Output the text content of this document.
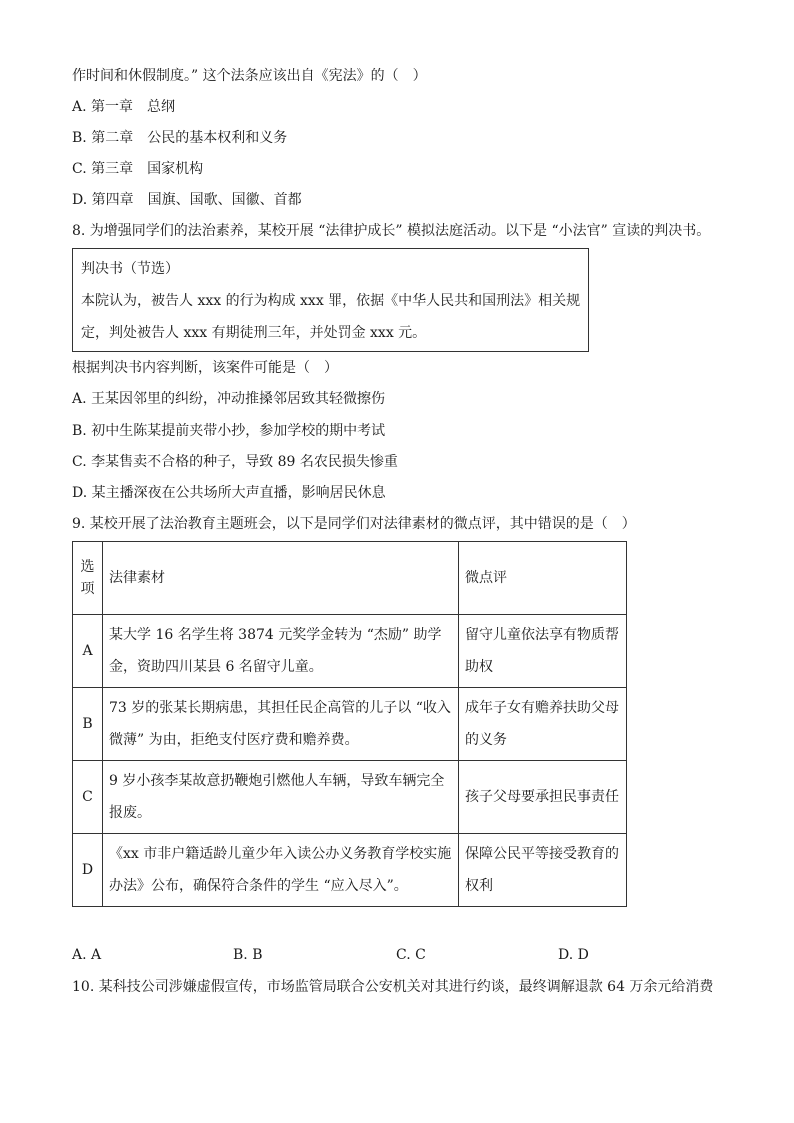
作时间和休假制度。” 这个法条应该出自《宪法》的（　）
A. 第一章　总纲
B. 第二章　公民的基本权利和义务
C. 第三章　国家机构
D. 第四章　国旗、国歌、国徽、首都
8. 为增强同学们的法治素养，某校开展 “法律护成长” 模拟法庭活动。以下是 “小法官” 宣读的判决书。
判决书（节选）
本院认为，被告人 xxx 的行为构成 xxx 罪，依据《中华人民共和国刑法》相关规
定，判处被告人 xxx 有期徒刑三年，并处罚金 xxx 元。
根据判决书内容判断，该案件可能是（　）
A. 王某因邻里的纠纷，冲动推搡邻居致其轻微擦伤
B. 初中生陈某提前夹带小抄，参加学校的期中考试
C. 李某售卖不合格的种子，导致 89 名农民损失惨重
D. 某主播深夜在公共场所大声直播，影响居民休息
9. 某校开展了法治教育主题班会，以下是同学们对法律素材的微点评，其中错误的是（　）
选项	法律素材	微点评
A	某大学 16 名学生将 3874 元奖学金转为 “杰励” 助学金，资助四川某县 6 名留守儿童。	留守儿童依法享有物质帮助权
B	73 岁的张某长期病患，其担任民企高管的儿子以 “收入微薄” 为由，拒绝支付医疗费和赡养费。	成年子女有赡养扶助父母的义务
C	9 岁小孩李某故意扔鞭炮引燃他人车辆，导致车辆完全报废。	孩子父母要承担民事责任
D	《xx 市非户籍适龄儿童少年入读公办义务教育学校实施办法》公布，确保符合条件的学生 “应入尽入”。	保障公民平等接受教育的权利
A. A	B. B	C. C	D. D
10. 某科技公司涉嫌虚假宣传，市场监管局联合公安机关对其进行约谈，最终调解退款 64 万余元给消费
